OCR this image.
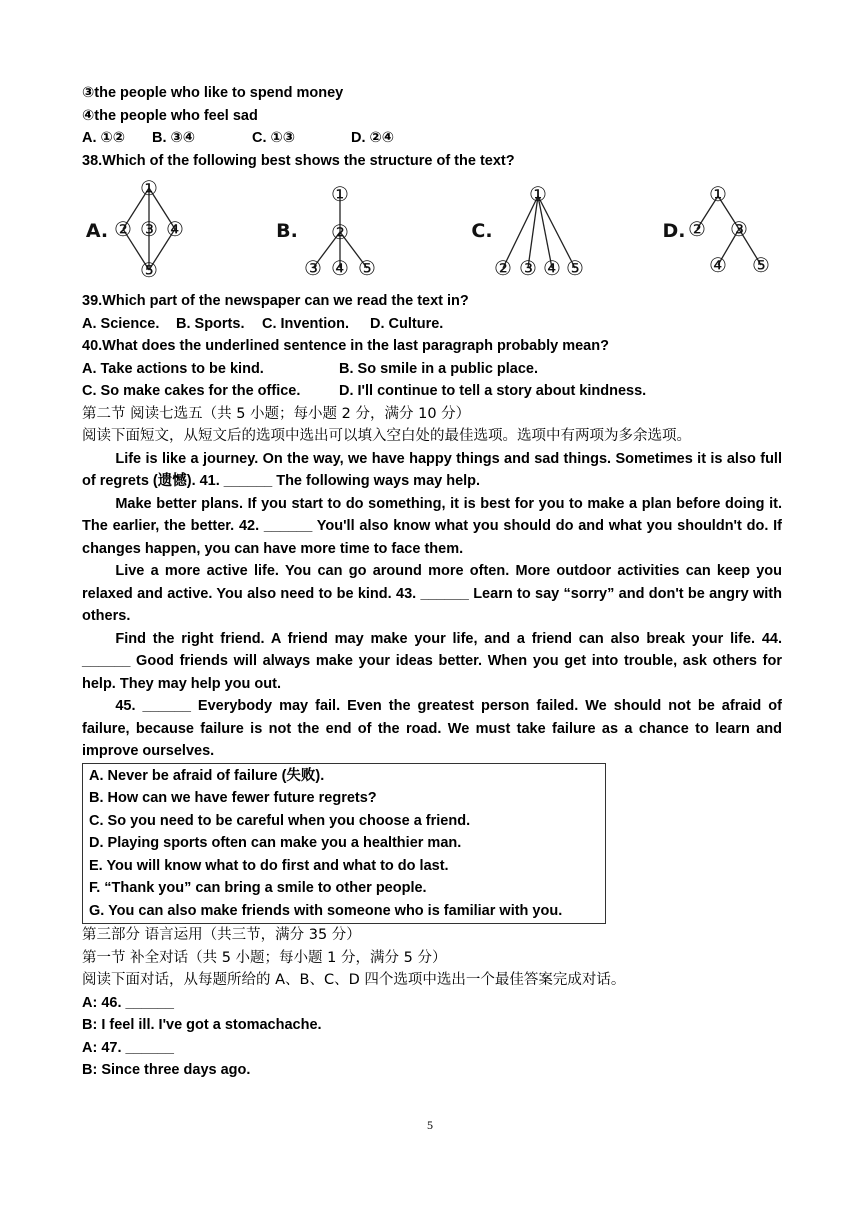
③the people who like to spend money
④the people who feel sad
A. ①② B. ③④	C. ①③	D. ②④
38.Which of the following best shows the structure of the text?
A.
①
② ③ ④
⑤
B.
①
②
③ ④ ⑤
C.
①
② ③ ④ ⑤
D.
①
② ③
④ ⑤
39.Which part of the newspaper can we read the text in?
A. Science. B. Sports. C. Invention. D. Culture.
40.What does the underlined sentence in the last paragraph probably mean?
A. Take actions to be kind.	B. So smile in a public place.
C. So make cakes for the office.	D. I'll continue to tell a story about kindness.
第二节 阅读七选五（共 5 小题；每小题 2 分，满分 10 分）
阅读下面短文，从短文后的选项中选出可以填入空白处的最佳选项。选项中有两项为多余选项。
Life is like a journey. On the way, we have happy things and sad things. Sometimes it is also full of regrets (遗憾). 41. ______ The following ways may help.
Make better plans. If you start to do something, it is best for you to make a plan before doing it. The earlier, the better. 42. ______ You'll also know what you should do and what you shouldn't do. If changes happen, you can have more time to face them.
Live a more active life. You can go around more often. More outdoor activities can keep you relaxed and active. You also need to be kind. 43. ______ Learn to say “sorry” and don't be angry with others.
Find the right friend. A friend may make your life, and a friend can also break your life. 44. ______ Good friends will always make your ideas better. When you get into trouble, ask others for help. They may help you out.
45. ______ Everybody may fail. Even the greatest person failed. We should not be afraid of failure, because failure is not the end of the road. We must take failure as a chance to learn and improve ourselves.
A. Never be afraid of failure (失败).
B. How can we have fewer future regrets?
C. So you need to be careful when you choose a friend.
D. Playing sports often can make you a healthier man.
E. You will know what to do first and what to do last.
F. “Thank you” can bring a smile to other people.
G. You can also make friends with someone who is familiar with you.
第三部分 语言运用（共三节，满分 35 分）
第一节 补全对话（共 5 小题；每小题 1 分，满分 5 分）
阅读下面对话，从每题所给的 A、B、C、D 四个选项中选出一个最佳答案完成对话。
A: 46. ______
B: I feel ill. I've got a stomachache.
A: 47. ______
B: Since three days ago.
5
